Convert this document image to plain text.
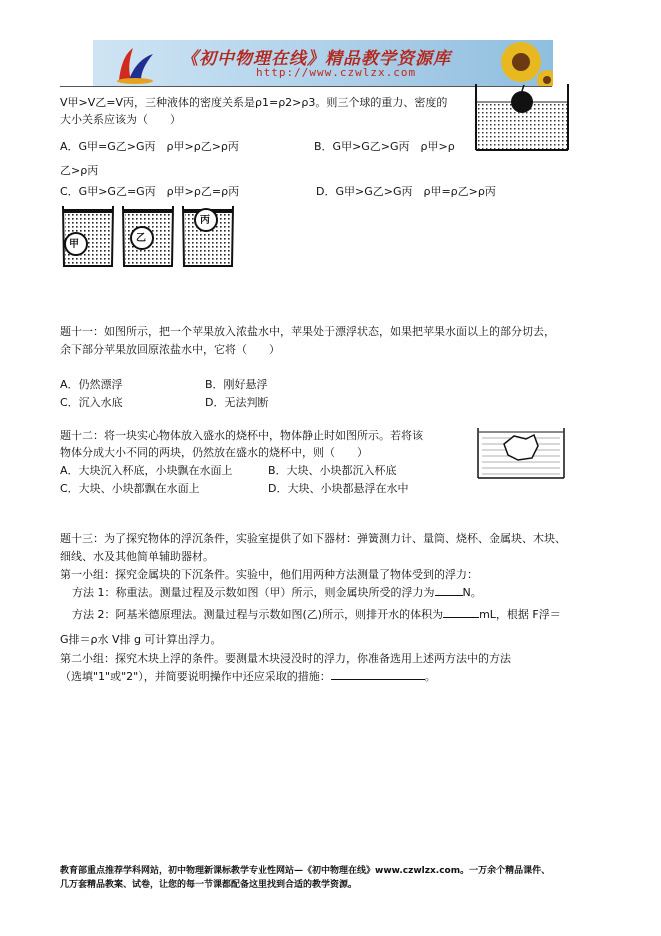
《初中物理在线》精品教学资源库
http://www.czwlzx.com
V甲>V乙=V丙，三种液体的密度关系是ρ1=ρ2>ρ3。则三个球的重力、密度的
大小关系应该为（　　）
A．G甲=G乙>G丙　ρ甲>ρ乙>ρ丙	B．G甲>G乙>G丙　ρ甲>ρ
乙>ρ丙
C．G甲>G乙=G丙　ρ甲>ρ乙=ρ丙	D．G甲>G乙>G丙　ρ甲=ρ乙>ρ丙
甲
乙
丙
题十一：如图所示，把一个苹果放入浓盐水中，苹果处于漂浮状态，如果把苹果水面以上的部分切去，
余下部分苹果放回原浓盐水中，它将（　　）
A．仍然漂浮	B．刚好悬浮
C．沉入水底	D．无法判断
题十二：将一块实心物体放入盛水的烧杯中，物体静止时如图所示。若将该
物体分成大小不同的两块，仍然放在盛水的烧杯中，则（　　）
A．大块沉入杯底，小块飘在水面上	B．大块、小块都沉入杯底
C．大块、小块都飘在水面上	D．大块、小块都悬浮在水中
题十三：为了探究物体的浮沉条件，实验室提供了如下器材：弹簧测力计、量筒、烧杯、金属块、木块、
细线、水及其他简单辅助器材。
第一小组：探究金属块的下沉条件。实验中，他们用两种方法测量了物体受到的浮力：
方法 1：称重法。测量过程及示数如图（甲）所示，则金属块所受的浮力为	N。
方法 2：阿基米德原理法。测量过程与示数如图(乙)所示，则排开水的体积为	mL，根据 F浮＝
G排＝ρ水 V排 g 可计算出浮力。
第二小组：探究木块上浮的条件。要测量木块浸没时的浮力，你准备选用上述两方法中的方法
（选填"1"或"2"），并简要说明操作中还应采取的措施：	。
教育部重点推荐学科网站，初中物理新课标教学专业性网站—《初中物理在线》www.czwlzx.com。一万余个精品课件、
几万套精品教案、试卷，让您的每一节课都配备这里找到合适的教学资源。
